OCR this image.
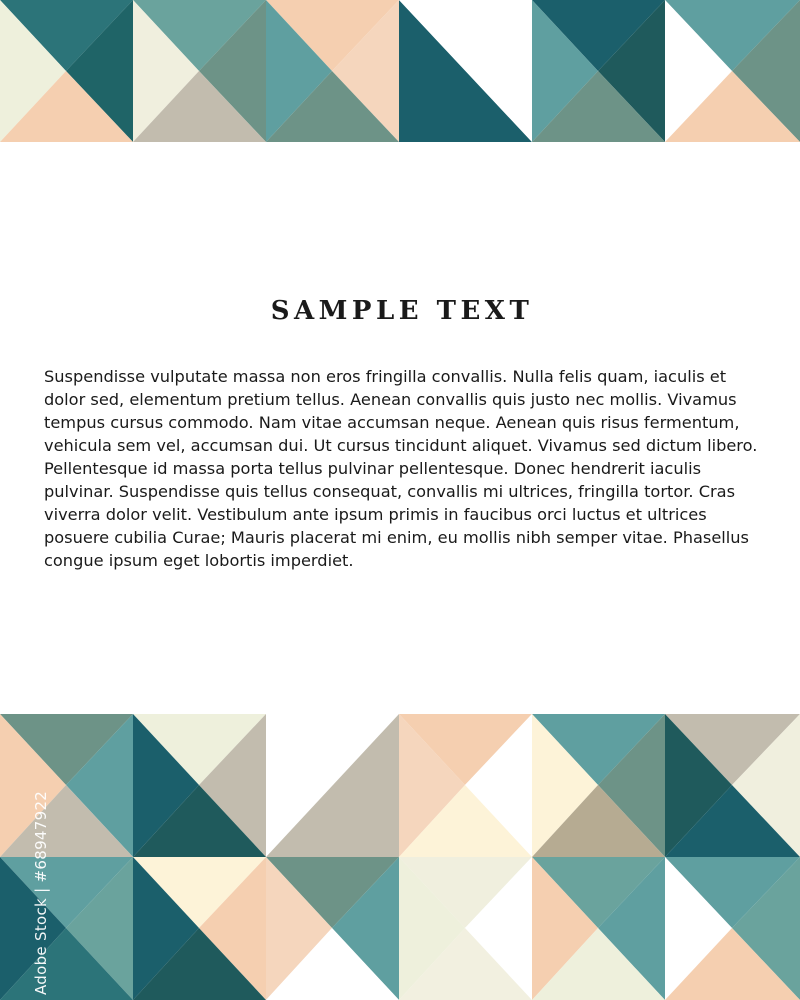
SAMPLE TEXT

Suspendisse vulputate massa non eros fringilla convallis. Nulla felis quam, iaculis et dolor sed, elementum pretium tellus. Aenean convallis quis justo nec mollis. Vivamus tempus cursus commodo. Nam vitae accumsan neque. Aenean quis risus fermentum, vehicula sem vel, accumsan dui. Ut cursus tincidunt aliquet. Vivamus sed dictum libero. Pellentesque id massa porta tellus pulvinar pellentesque. Donec hendrerit iaculis pulvinar. Suspendisse quis tellus consequat, convallis mi ultrices, fringilla tortor. Cras viverra dolor velit. Vestibulum ante ipsum primis in faucibus orci luctus et ultrices posuere cubilia Curae; Mauris placerat mi enim, eu mollis nibh semper vitae. Phasellus congue ipsum eget lobortis imperdiet.

Adobe Stock | #68947922
